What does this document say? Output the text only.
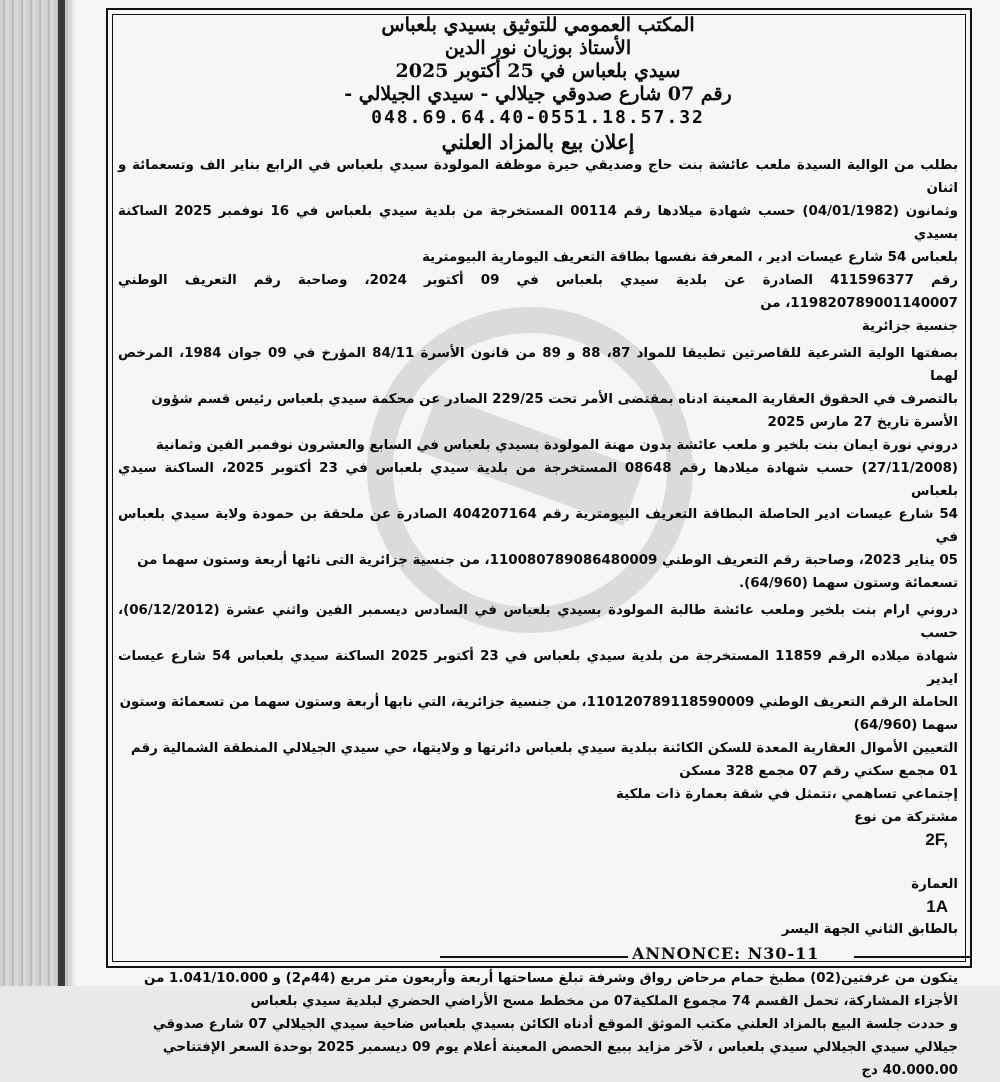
المكتب العمومي للتوثيق بسيدي بلعباس

الأستاذ بوزيان نور الدين

سيدي بلعباس في 25 أكتوبر 2025

رقم 07 شارع صدوقي جيلالي - سيدي الجيلالي -

048.69.64.40-0551.18.57.32

إعلان بيع بالمزاد العلني

بطلب من الوالية السيدة ملعب عائشة بنت حاج وصديقي حيرة موظفة المولودة سيدي بلعباس في الرابع بناير الف وتسعمائة و اثنان

وثمانون (04/01/1982) حسب شهادة ميلادها رقم 00114 المستخرجة من بلدية سيدي بلعباس في 16 نوفمبر 2025 الساكنة بسيدي

بلعباس 54 شارع عيسات ادير ، المعرفة نفسها بطاقة التعريف اليومارية البيومترية

رقم 411596377 الصادرة عن بلدية سيدي بلعباس في 09 أكتوبر 2024، وصاحبة رقم التعريف الوطني 119820789001140007، من

جنسية جزائرية

بصفتها الولية الشرعية للقاصرتين تطبيقا للمواد 87، 88 و 89 من قانون الأسرة 84/11 المؤرخ في 09 جوان 1984، المرخص لهما

بالتصرف في الحقوق العقارية المعينة ادناه بمقتضى الأمر تحت 229/25 الصادر عن محكمة سيدي بلعباس رئيس قسم شؤون

الأسرة تاريخ 27 مارس 2025

دروني نورة ايمان بنت بلخير و ملعب عائشة بدون مهنة المولودة بسيدي بلعباس في السابع والعشرون نوفمبر الفين وثمانية

(27/11/2008) حسب شهادة ميلادها رقم 08648 المستخرجة من بلدية سيدي بلعباس في 23 أكتوبر 2025، الساكنة سيدي بلعباس

54 شارع عيسات ادير الحاصلة البطاقة التعريف البيومترية رقم 404207164 الصادرة عن ملحقة بن حمودة ولاية سيدي بلعباس في

05 يناير 2023، وصاحبة رقم التعريف الوطني 110080789086480009، من جنسية جزائرية التى نائها أربعة وستون سهما من

تسعمائة وستون سهما (64/960).

دروني ارام بنت بلخير وملعب عائشة طالبة المولودة بسيدي بلعباس في السادس ديسمبر الفين واثني عشرة (06/12/2012)، حسب

شهادة ميلاده الرقم 11859 المستخرجة من بلدية سيدي بلعباس في 23 أكتوبر 2025 الساكنة سيدي بلعباس 54 شارع عيسات ايدير

الحاملة الرقم التعريف الوطني 110120789118590009، من جنسية جزائرية، التي نابها أربعة وستون سهما من تسعمائة وستون

سهما (64/960)

التعيين الأموال العقارية المعدة للسكن الكائنة ببلدية سيدي بلعباس دائرتها و ولايتها، حي سيدي الجيلالي المنطقة الشمالية رقم

01 مجمع سكني رقم 07 مجمع 328 مسكن

إجتماعي تساهمي ،تتمثل في شقة بعمارة ذات ملكية

مشتركة من نوع

2F,

العمارة

1A

بالطابق الثاني الجهة اليسر

يتكون من غرفتين(02) مطبخ حمام مرحاض رواق وشرفة تبلغ مساحتها أربعة وأربعون متر مربع (44م2) و 1.041/10.000 من

الأجزاء المشاركة، تحمل القسم 74 مجموع الملكية07 من مخطط مسح الأراضي الحضري لبلدية سيدي بلعباس

و حددت جلسة البيع بالمزاد العلني مكتب الموثق الموقع أدناه الكائن بسيدي بلعباس ضاحية سيدي الجيلالي 07 شارع صدوقي

جيلالي سيدي الجيلالي سيدي بلعباس ، لآخر مزايد ببيع الحصص المعينة أعلام يوم 09 ديسمبر 2025 بوحدة السعر الإفتتاحي

40.000.00 دج

ANNONCE: N30-11
